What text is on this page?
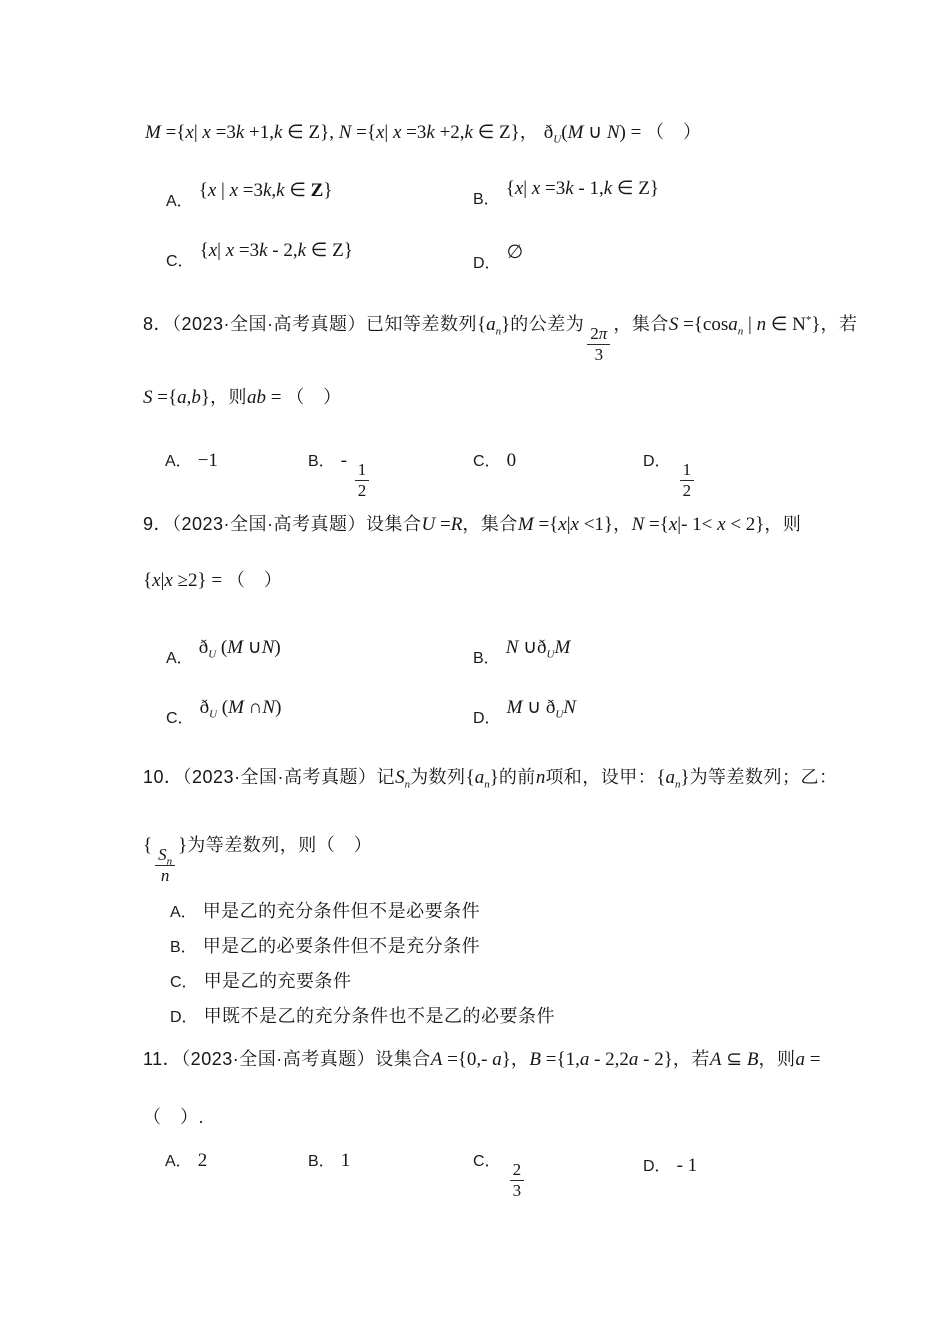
M ={x| x =3k +1,k ∈ Z}, N ={x| x =3k +2,k ∈ Z}， $ð_U(M$ ∪ N) = （　）
A．{x | x =3k,k ∈ Z}	B．{x| x =3k - 1,k ∈ Z}
C．{x| x =3k - 2,k ∈ Z}
D．∅
8．（2023·全国·高考真题）已知等差数列$\{a_n\}$的公差为
$\frac{2\pi}{3}$
，集合S ={cosa$_n$ | n ∈ N*}，若
S ={a,b}，则ab = （　）
A． −1	B． -
$\frac{1}{2}$	C． 0	D． $\frac{1}{2}$
9．（2023·全国·高考真题）设集合U =R，集合M ={x|x <1}，N ={x|- 1< x < 2}，则
{x|x ≥2} = （　）
A．$ð_U$ (M ∪N)
B．N $\cup ð_UM$
C．$ð_U$ (M ∩N)
D．M ∪ $ð_UN$
10．（2023·全国·高考真题）记$S_n$为数列$\{a_n\}$的前n项和，设甲：$\{a_n\}$为等差数列；乙：
{
$\frac{S_n}{n}$
}为等差数列，则（　）
A． 甲是乙的充分条件但不是必要条件
B． 甲是乙的必要条件但不是充分条件
C． 甲是乙的充要条件
D． 甲既不是乙的充分条件也不是乙的必要条件
11．（2023·全国·高考真题）设集合A ={0,- a}，B ={1,a - 2,2a - 2}，若A ⊆ B，则a =
（　）.
A． 2	B． 1	C． $\frac{2}{3}$	D． - 1
